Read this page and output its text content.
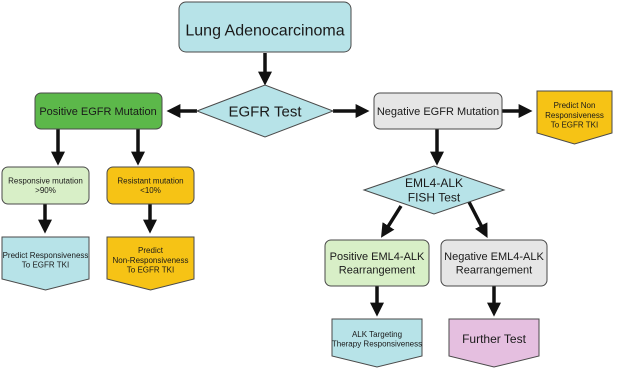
Lung Adenocarcinoma
EGFR Test
Positive EGFR Mutation	Negative EGFR Mutation
Predict Non Responsiveness To EGFR TKI
Responsive mutation >90%
Resistant mutation <10%
Predict Responsiveness To EGFR TKI
Predict Non-Responsiveness To EGFR TKI
EML4-ALK FISH Test
Positive EML4-ALK Rearrangement
Negative EML4-ALK Rearrangement
ALK Targeting Therapy Responsiveness	Further Test
